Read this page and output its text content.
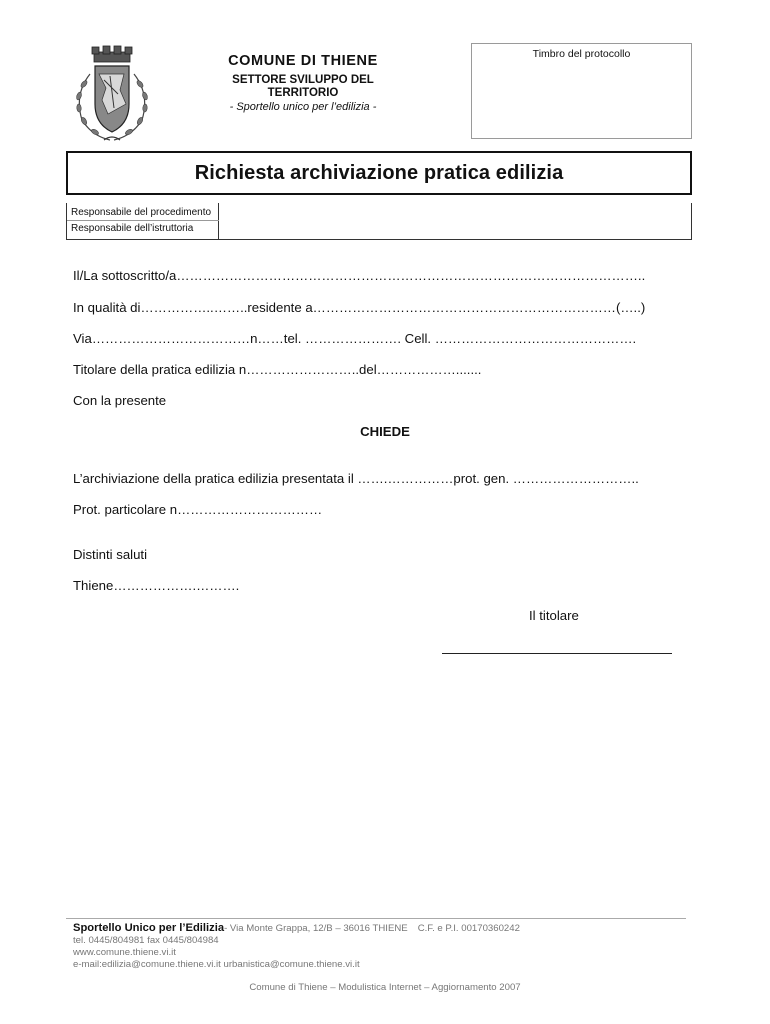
COMUNE DI THIENE
SETTORE SVILUPPO DEL TERRITORIO
- Sportello unico per l’edilizia -
Timbro del protocollo
Richiesta archiviazione pratica edilizia
Responsabile del procedimento
Responsabile dell’istruttoria
Il/La sottoscritto/a……………………………………………………………………………………………..
In qualità di……………..……..residente a……………………………………………………………(…..)
Via………………………………n……tel. …………………. Cell. ……………………………………….
Titolare della pratica edilizia n……………………..del……………….......
Con la presente
CHIEDE
L’archiviazione della pratica edilizia presentata il …….……………prot. gen. ………………………..
Prot. particolare n……………………………
Distinti saluti
Thiene……………….……….
Il titolare
Sportello Unico per l’Edilizia- Via Monte Grappa, 12/B – 36016 THIENE C.F. e P.I. 00170360242
tel. 0445/804981 fax 0445/804984
www.comune.thiene.vi.it
e-mail:edilizia@comune.thiene.vi.it urbanistica@comune.thiene.vi.it
Comune di Thiene – Modulistica Internet – Aggiornamento 2007
